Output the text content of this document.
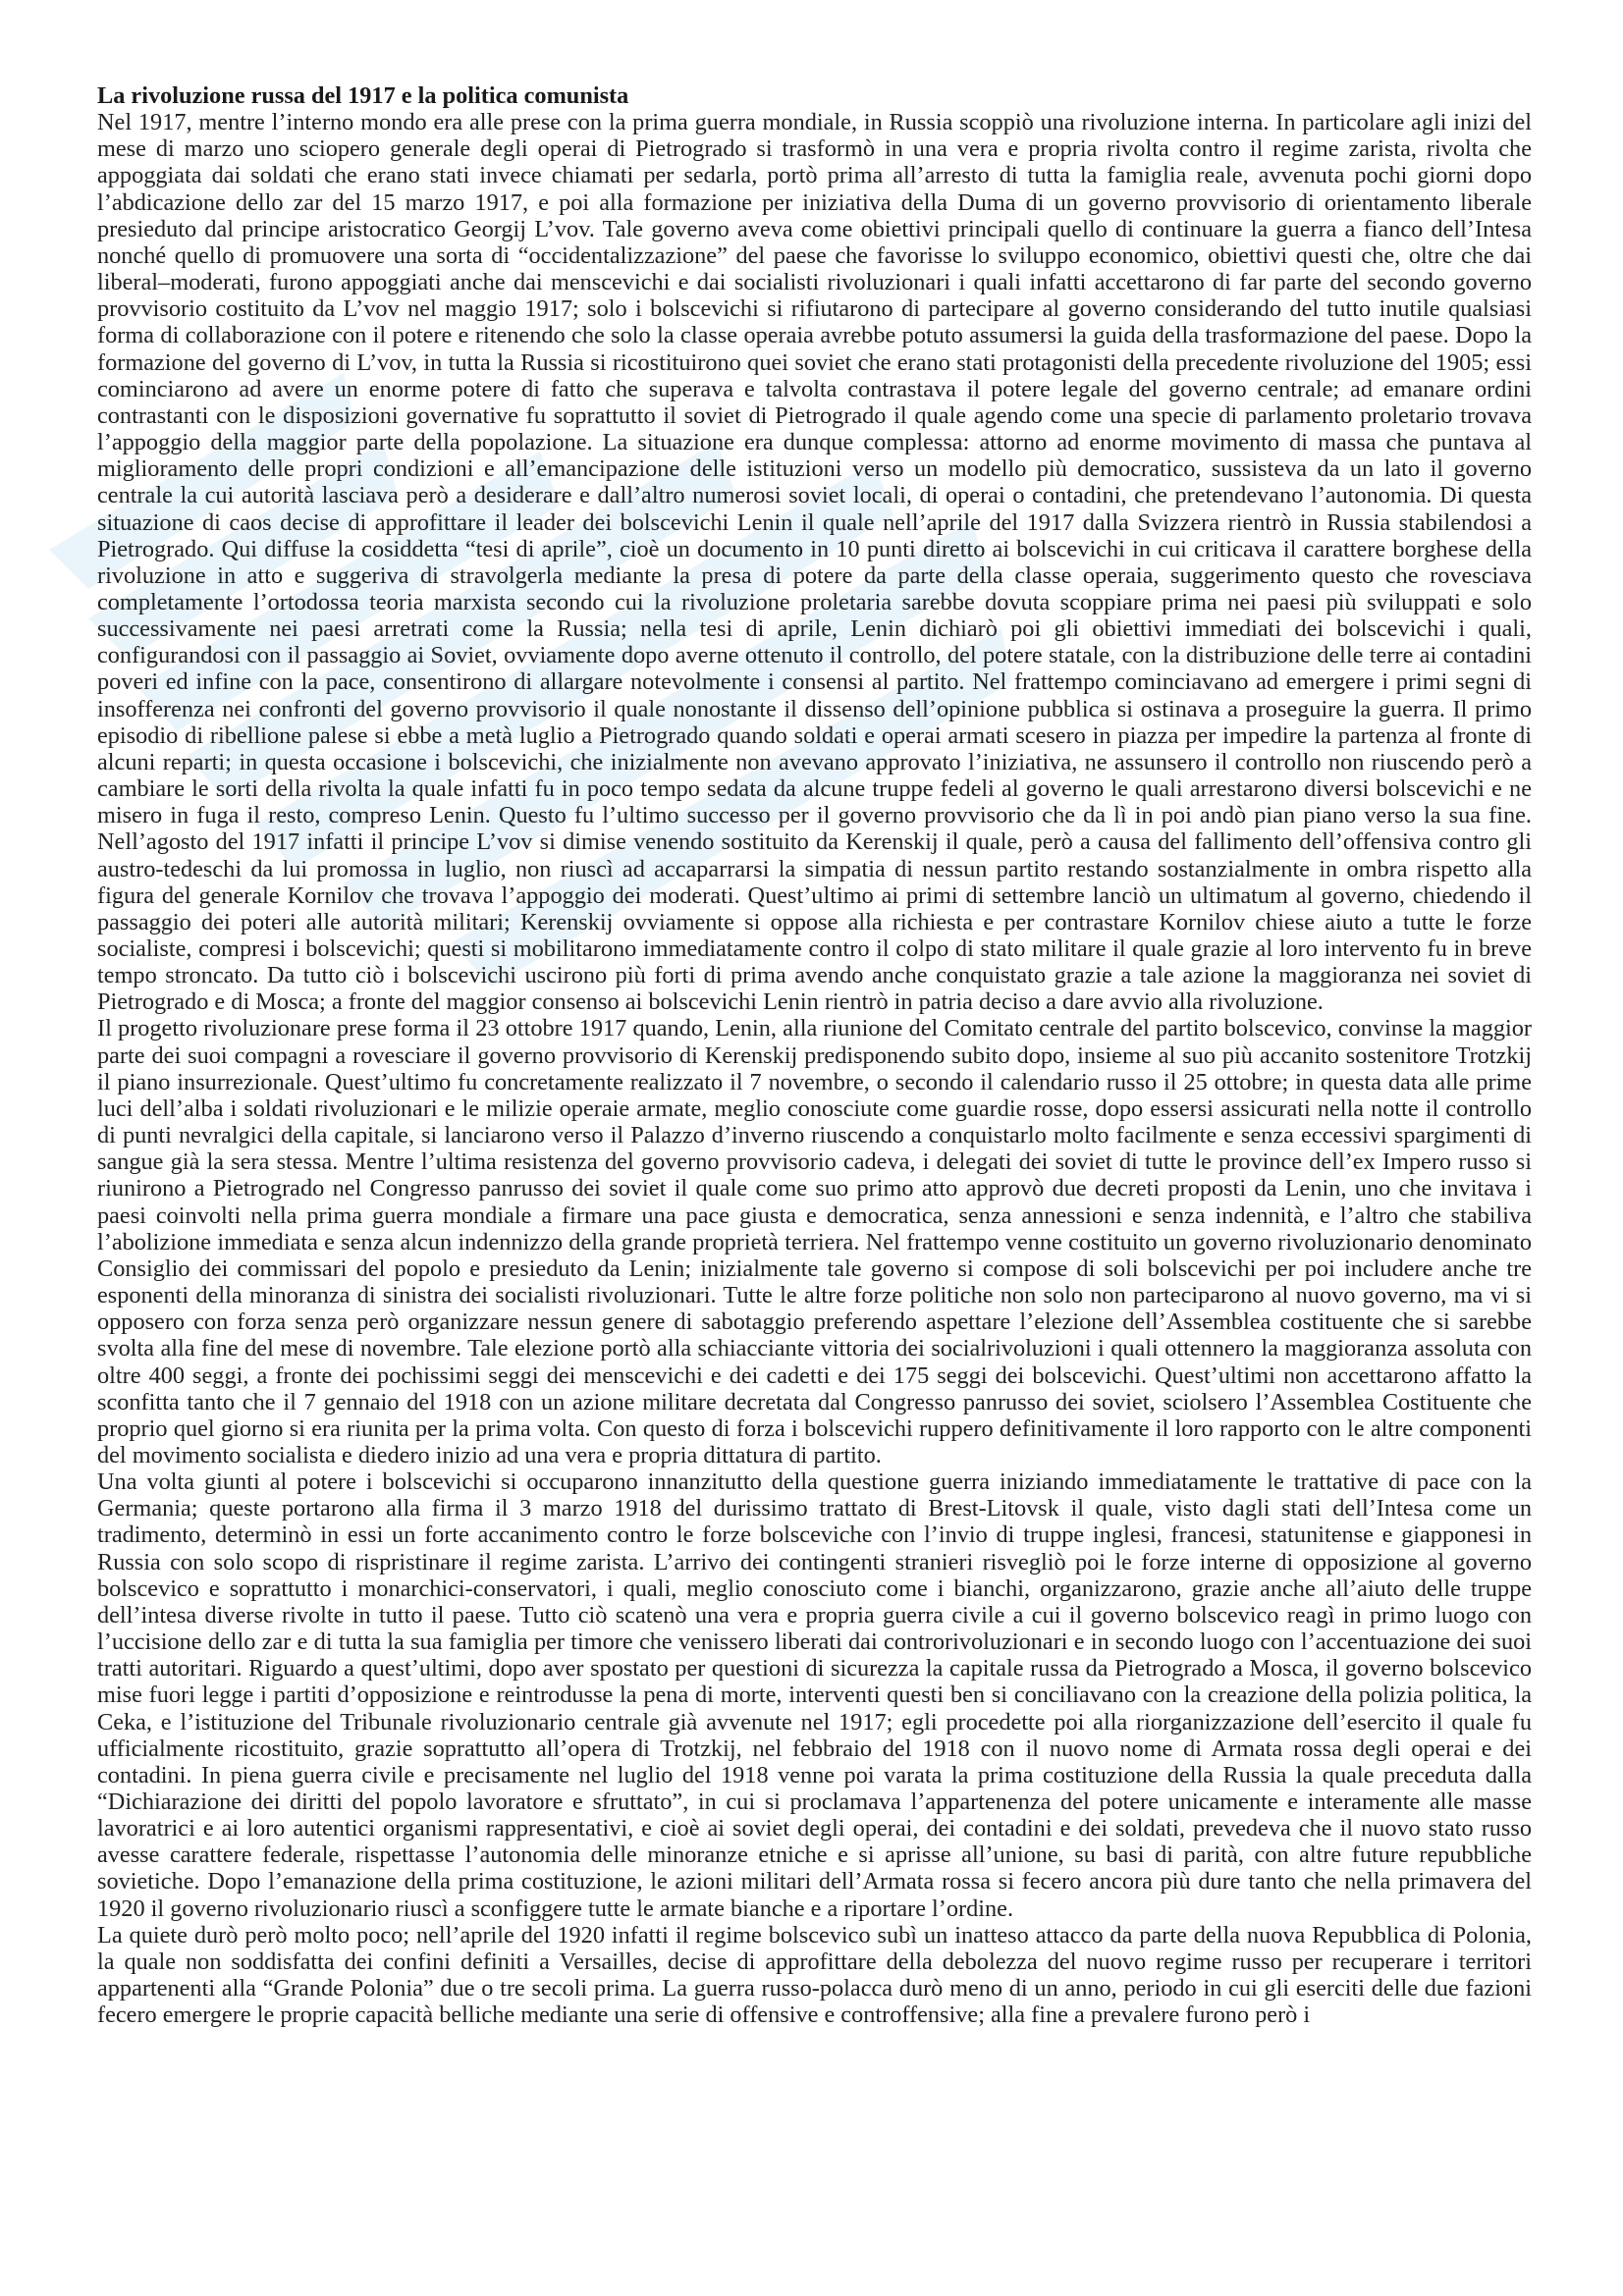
La rivoluzione russa del 1917 e la politica comunista

Nel 1917, mentre l’interno mondo era alle prese con la prima guerra mondiale, in Russia scoppiò una rivoluzione interna. In particolare agli inizi del mese di marzo uno sciopero generale degli operai di Pietrogrado si trasformò in una vera e propria rivolta contro il regime zarista, rivolta che appoggiata dai soldati che erano stati invece chiamati per sedarla, portò prima all’arresto di tutta la famiglia reale, avvenuta pochi giorni dopo l’abdicazione dello zar del 15 marzo 1917, e poi alla formazione per iniziativa della Duma di un governo provvisorio di orientamento liberale presieduto dal principe aristocratico Georgij L’vov. Tale governo aveva come obiettivi principali quello di continuare la guerra a fianco dell’Intesa nonché quello di promuovere una sorta di “occidentalizzazione” del paese che favorisse lo sviluppo economico, obiettivi questi che, oltre che dai liberal–moderati, furono appoggiati anche dai menscevichi e dai socialisti rivoluzionari i quali infatti accettarono di far parte del secondo governo provvisorio costituito da L’vov nel maggio 1917; solo i bolscevichi si rifiutarono di partecipare al governo considerando del tutto inutile qualsiasi forma di collaborazione con il potere e ritenendo che solo la classe operaia avrebbe potuto assumersi la guida della trasformazione del paese. Dopo la formazione del governo di L’vov, in tutta la Russia si ricostituirono quei soviet che erano stati protagonisti della precedente rivoluzione del 1905; essi cominciarono ad avere un enorme potere di fatto che superava e talvolta contrastava il potere legale del governo centrale; ad emanare ordini contrastanti con le disposizioni governative fu soprattutto il soviet di Pietrogrado il quale agendo come una specie di parlamento proletario trovava l’appoggio della maggior parte della popolazione. La situazione era dunque complessa: attorno ad enorme movimento di massa che puntava al miglioramento delle propri condizioni e all’emancipazione delle istituzioni verso un modello più democratico, sussisteva da un lato il governo centrale la cui autorità lasciava però a desiderare e dall’altro numerosi soviet locali, di operai o contadini, che pretendevano l’autonomia. Di questa situazione di caos decise di approfittare il leader dei bolscevichi Lenin il quale nell’aprile del 1917 dalla Svizzera rientrò in Russia stabilendosi a Pietrogrado. Qui diffuse la cosiddetta “tesi di aprile”, cioè un documento in 10 punti diretto ai bolscevichi in cui criticava il carattere borghese della rivoluzione in atto e suggeriva di stravolgerla mediante la presa di potere da parte della classe operaia, suggerimento questo che rovesciava completamente l’ortodossa teoria marxista secondo cui la rivoluzione proletaria sarebbe dovuta scoppiare prima nei paesi più sviluppati e solo successivamente nei paesi arretrati come la Russia; nella tesi di aprile, Lenin dichiarò poi gli obiettivi immediati dei bolscevichi i quali, configurandosi con il passaggio ai Soviet, ovviamente dopo averne ottenuto il controllo, del potere statale, con la distribuzione delle terre ai contadini poveri ed infine con la pace, consentirono di allargare notevolmente i consensi al partito. Nel frattempo cominciavano ad emergere i primi segni di insofferenza nei confronti del governo provvisorio il quale nonostante il dissenso dell’opinione pubblica si ostinava a proseguire la guerra. Il primo episodio di ribellione palese si ebbe a metà luglio a Pietrogrado quando soldati e operai armati scesero in piazza per impedire la partenza al fronte di alcuni reparti; in questa occasione i bolscevichi, che inizialmente non avevano approvato l’iniziativa, ne assunsero il controllo non riuscendo però a cambiare le sorti della rivolta la quale infatti fu in poco tempo sedata da alcune truppe fedeli al governo le quali arrestarono diversi bolscevichi e ne misero in fuga il resto, compreso Lenin. Questo fu l’ultimo successo per il governo provvisorio che da lì in poi andò pian piano verso la sua fine. Nell’agosto del 1917 infatti il principe L’vov si dimise venendo sostituito da Kerenskij il quale, però a causa del fallimento dell’offensiva contro gli austro-tedeschi da lui promossa in luglio, non riuscì ad accaparrarsi la simpatia di nessun partito restando sostanzialmente in ombra rispetto alla figura del generale Kornilov che trovava l’appoggio dei moderati. Quest’ultimo ai primi di settembre lanciò un ultimatum al governo, chiedendo il passaggio dei poteri alle autorità militari; Kerenskij ovviamente si oppose alla richiesta e per contrastare Kornilov chiese aiuto a tutte le forze socialiste, compresi i bolscevichi; questi si mobilitarono immediatamente contro il colpo di stato militare il quale grazie al loro intervento fu in breve tempo stroncato. Da tutto ciò i bolscevichi uscirono più forti di prima avendo anche conquistato grazie a tale azione la maggioranza nei soviet di Pietrogrado e di Mosca; a fronte del maggior consenso ai bolscevichi Lenin rientrò in patria deciso a dare avvio alla rivoluzione.

Il progetto rivoluzionare prese forma il 23 ottobre 1917 quando, Lenin, alla riunione del Comitato centrale del partito bolscevico, convinse la maggior parte dei suoi compagni a rovesciare il governo provvisorio di Kerenskij predisponendo subito dopo, insieme al suo più accanito sostenitore Trotzkij il piano insurrezionale. Quest’ultimo fu concretamente realizzato il 7 novembre, o secondo il calendario russo il 25 ottobre; in questa data alle prime luci dell’alba i soldati rivoluzionari e le milizie operaie armate, meglio conosciute come guardie rosse, dopo essersi assicurati nella notte il controllo di punti nevralgici della capitale, si lanciarono verso il Palazzo d’inverno riuscendo a conquistarlo molto facilmente e senza eccessivi spargimenti di sangue già la sera stessa. Mentre l’ultima resistenza del governo provvisorio cadeva, i delegati dei soviet di tutte le province dell’ex Impero russo si riunirono a Pietrogrado nel Congresso panrusso dei soviet il quale come suo primo atto approvò due decreti proposti da Lenin, uno che invitava i paesi coinvolti nella prima guerra mondiale a firmare una pace giusta e democratica, senza annessioni e senza indennità, e l’altro che stabiliva l’abolizione immediata e senza alcun indennizzo della grande proprietà terriera. Nel frattempo venne costituito un governo rivoluzionario denominato Consiglio dei commissari del popolo e presieduto da Lenin; inizialmente tale governo si compose di soli bolscevichi per poi includere anche tre esponenti della minoranza di sinistra dei socialisti rivoluzionari. Tutte le altre forze politiche non solo non parteciparono al nuovo governo, ma vi si opposero con forza senza però organizzare nessun genere di sabotaggio preferendo aspettare l’elezione dell’Assemblea costituente che si sarebbe svolta alla fine del mese di novembre. Tale elezione portò alla schiacciante vittoria dei socialrivoluzioni i quali ottennero la maggioranza assoluta con oltre 400 seggi, a fronte dei pochissimi seggi dei menscevichi e dei cadetti e dei 175 seggi dei bolscevichi. Quest’ultimi non accettarono affatto la sconfitta tanto che il 7 gennaio del 1918 con un azione militare decretata dal Congresso panrusso dei soviet, sciolsero l’Assemblea Costituente che proprio quel giorno si era riunita per la prima volta. Con questo di forza i bolscevichi ruppero definitivamente il loro rapporto con le altre componenti del movimento socialista e diedero inizio ad una vera e propria dittatura di partito.

Una volta giunti al potere i bolscevichi si occuparono innanzitutto della questione guerra iniziando immediatamente le trattative di pace con la Germania; queste portarono alla firma il 3 marzo 1918 del durissimo trattato di Brest-Litovsk il quale, visto dagli stati dell’Intesa come un tradimento, determinò in essi un forte accanimento contro le forze bolsceviche con l’invio di truppe inglesi, francesi, statunitense e giapponesi in Russia con solo scopo di rispristinare il regime zarista. L’arrivo dei contingenti stranieri risvegliò poi le forze interne di opposizione al governo bolscevico e soprattutto i monarchici-conservatori, i quali, meglio conosciuto come i bianchi, organizzarono, grazie anche all’aiuto delle truppe dell’intesa diverse rivolte in tutto il paese. Tutto ciò scatenò una vera e propria guerra civile a cui il governo bolscevico reagì in primo luogo con l’uccisione dello zar e di tutta la sua famiglia per timore che venissero liberati dai controrivoluzionari e in secondo luogo con l’accentuazione dei suoi tratti autoritari. Riguardo a quest’ultimi, dopo aver spostato per questioni di sicurezza la capitale russa da Pietrogrado a Mosca, il governo bolscevico mise fuori legge i partiti d’opposizione e reintrodusse la pena di morte, interventi questi ben si conciliavano con la creazione della polizia politica, la Ceka, e l’istituzione del Tribunale rivoluzionario centrale già avvenute nel 1917; egli procedette poi alla riorganizzazione dell’esercito il quale fu ufficialmente ricostituito, grazie soprattutto all’opera di Trotzkij, nel febbraio del 1918 con il nuovo nome di Armata rossa degli operai e dei contadini. In piena guerra civile e precisamente nel luglio del 1918 venne poi varata la prima costituzione della Russia la quale preceduta dalla “Dichiarazione dei diritti del popolo lavoratore e sfruttato”, in cui si proclamava l’appartenenza del potere unicamente e interamente alle masse lavoratrici e ai loro autentici organismi rappresentativi, e cioè ai soviet degli operai, dei contadini e dei soldati, prevedeva che il nuovo stato russo avesse carattere federale, rispettasse l’autonomia delle minoranze etniche e si aprisse all’unione, su basi di parità, con altre future repubbliche sovietiche. Dopo l’emanazione della prima costituzione, le azioni militari dell’Armata rossa si fecero ancora più dure tanto che nella primavera del 1920 il governo rivoluzionario riuscì a sconfiggere tutte le armate bianche e a riportare l’ordine.

La quiete durò però molto poco; nell’aprile del 1920 infatti il regime bolscevico subì un inatteso attacco da parte della nuova Repubblica di Polonia, la quale non soddisfatta dei confini definiti a Versailles, decise di approfittare della debolezza del nuovo regime russo per recuperare i territori appartenenti alla “Grande Polonia” due o tre secoli prima. La guerra russo-polacca durò meno di un anno, periodo in cui gli eserciti delle due fazioni fecero emergere le proprie capacità belliche mediante una serie di offensive e controffensive; alla fine a prevalere furono però i
